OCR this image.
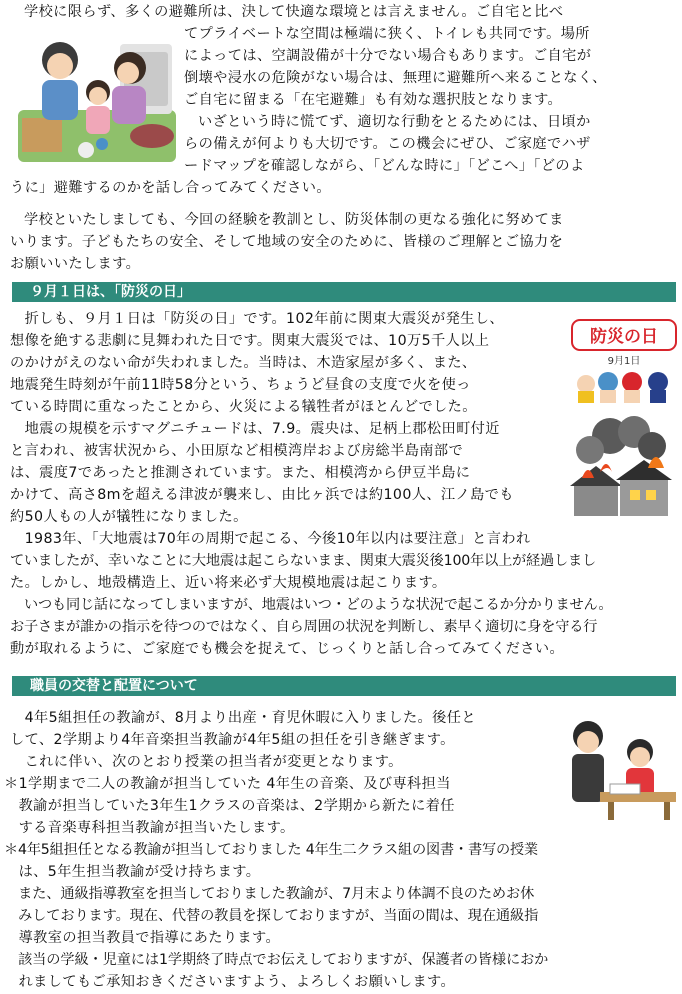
学校に限らず、多くの避難所は、決して快適な環境とは言えません。ご自宅と比べ

てプライベートな空間は極端に狭く、トイレも共同です。場所

によっては、空調設備が十分でない場合もあります。ご自宅が

倒壊や浸水の危険がない場合は、無理に避難所へ来ることなく、

ご自宅に留まる「在宅避難」も有効な選択肢となります。

いざという時に慌てず、適切な行動をとるためには、日頃か

らの備えが何よりも大切です。この機会にぜひ、ご家庭でハザ

ードマップを確認しながら、「どんな時に」「どこへ」「どのよ

うに」避難するのかを話し合ってみてください。

学校といたしましても、今回の経験を教訓とし、防災体制の更なる強化に努めてま

いります。子どもたちの安全、そして地域の安全のために、皆様のご理解とご協力を

お願いいたします。

９月１日は、「防災の日」

　折しも、９月１日は「防災の日」です。102年前に関東大震災が発生し、

想像を絶する悲劇に見舞われた日です。関東大震災では、10万5千人以上

のかけがえのない命が失われました。当時は、木造家屋が多く、また、

地震発生時刻が午前11時58分という、ちょうど昼食の支度で火を使っ

ている時間に重なったことから、火災による犠牲者がほとんどでした。

防災の日
9月1日

　地震の規模を示すマグニチュードは、7.9。震央は、足柄上郡松田町付近

と言われ、被害状況から、小田原など相模湾岸および房総半島南部で

は、震度7であったと推測されています。また、相模湾から伊豆半島に

かけて、高さ8mを超える津波が襲来し、由比ヶ浜では約100人、江ノ島でも

約50人もの人が犠牲になりました。

　1983年、「大地震は70年の周期で起こる、今後10年以内は要注意」と言われ

ていましたが、幸いなことに大地震は起こらないまま、関東大震災後100年以上が経過しまし

た。しかし、地殻構造上、近い将来必ず大規模地震は起こります。

　いつも同じ話になってしまいますが、地震はいつ・どのような状況で起こるか分かりません。

お子さまが誰かの指示を待つのではなく、自ら周囲の状況を判断し、素早く適切に身を守る行

動が取れるように、ご家庭でも機会を捉えて、じっくりと話し合ってみてください。

職員の交替と配置について

　4年5組担任の教諭が、8月より出産・育児休暇に入りました。後任と

して、2学期より4年音楽担当教諭が4年5組の担任を引き継ぎます。

　これに伴い、次のとおり授業の担当者が変更となります。

＊1学期まで二人の教諭が担当していた 4年生の音楽、及び専科担当

　教諭が担当していた3年生1クラスの音楽は、2学期から新たに着任

　する音楽専科担当教諭が担当いたします。

＊4年5組担任となる教諭が担当しておりました 4年生二クラス組の図書・書写の授業

　は、5年生担当教諭が受け持ちます。

　また、通級指導教室を担当しておりました教諭が、7月末より体調不良のためお休

　みしております。現在、代替の教員を探しておりますが、当面の間は、現在通級指

　導教室の担当教員で指導にあたります。

　該当の学級・児童には1学期終了時点でお伝えしておりますが、保護者の皆様におか

　れましてもご承知おきくださいますよう、よろしくお願いします。
